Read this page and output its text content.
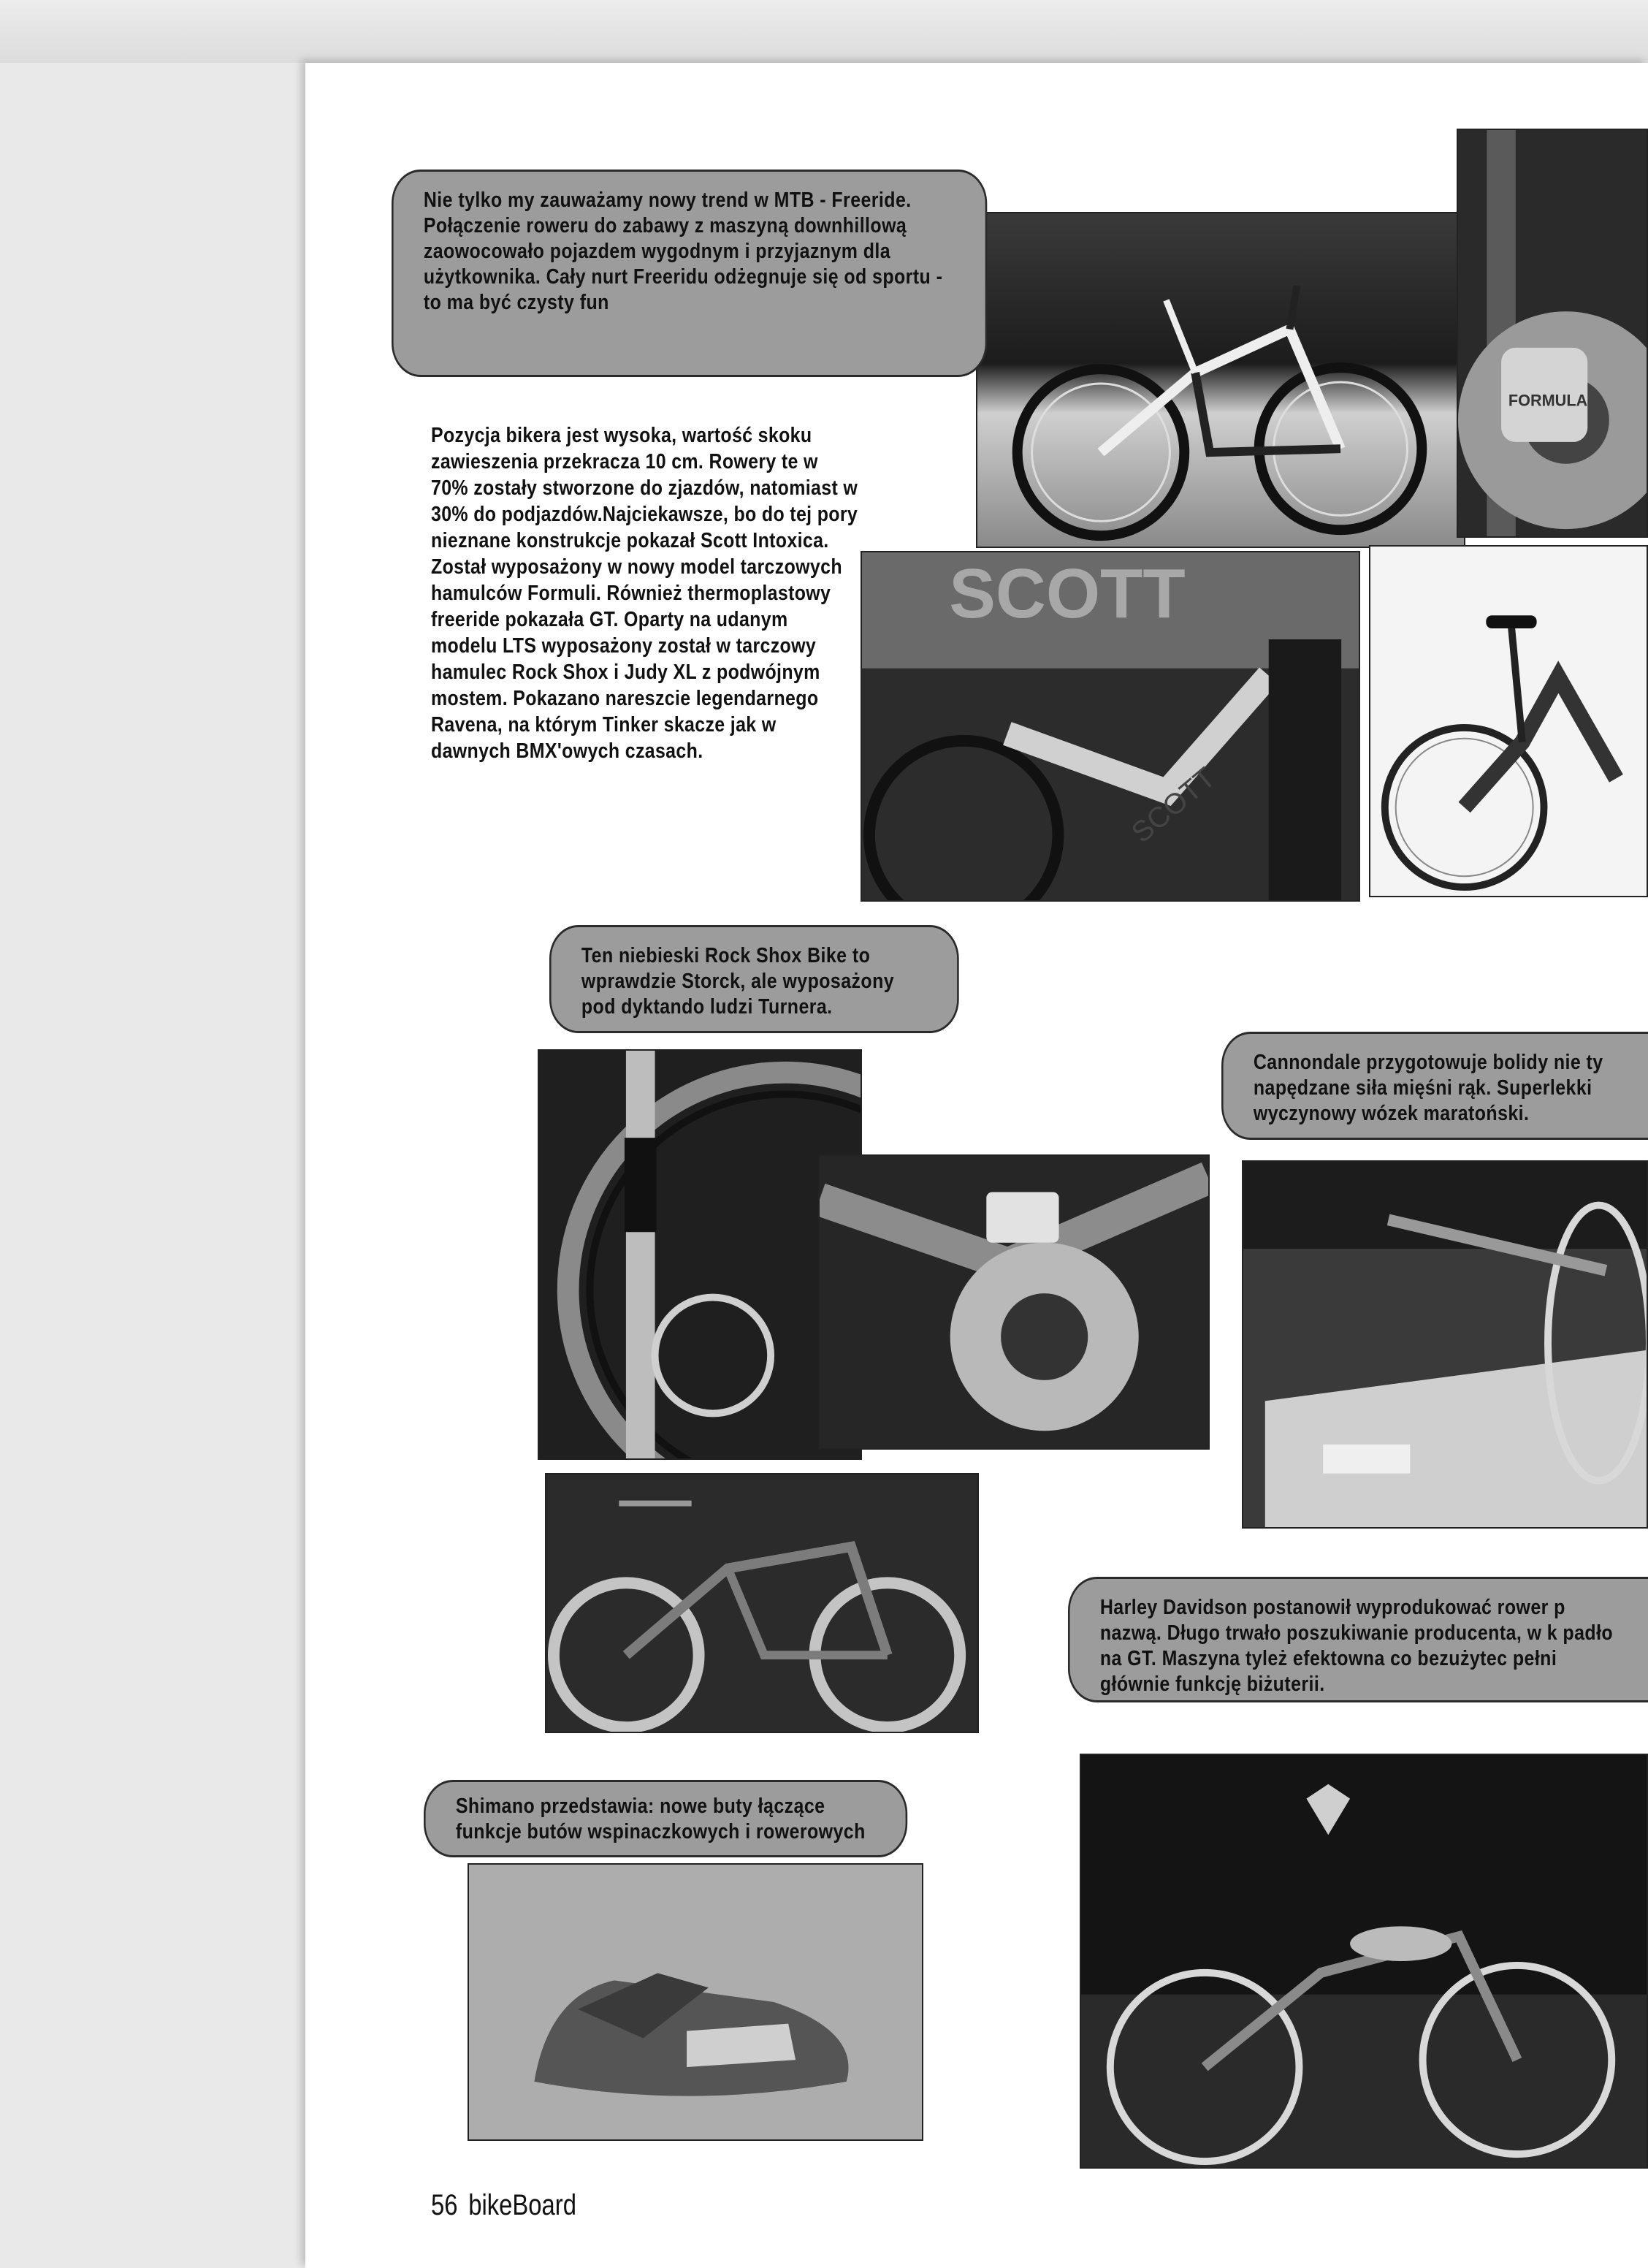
FORMULA
SCOTT
SCOTT
Nie tylko my zauważamy nowy trend w MTB - Freeride. Połączenie roweru do zabawy z maszyną downhillową zaowocowało pojazdem wygodnym i przyjaznym dla użytkownika. Cały nurt Freeridu odżegnuje się od sportu - to ma być czysty fun
Ten niebieski Rock Shox Bike to wprawdzie Storck, ale wyposażony pod dyktando ludzi Turnera.
Cannondale przygotowuje bolidy nie ty napędzane siła mięśni rąk. Superlekki wyczynowy wózek maratoński.
Harley Davidson postanowił wyprodukować rower p nazwą. Długo trwało poszukiwanie producenta, w k padło na GT. Maszyna tyleż efektowna co bezużytec pełni głównie funkcję biżuterii.
Shimano przedstawia: nowe buty łączące funkcje butów wspinaczkowych i rowerowych
Pozycja bikera jest wysoka, wartość skoku zawieszenia przekracza 10 cm. Rowery te w 70% zostały stworzone do zjazdów, natomiast w 30% do podjazdów.Najciekawsze, bo do tej pory nieznane konstrukcje pokazał Scott Intoxica. Został wyposażony w nowy model tarczowych hamulców Formuli. Również thermoplastowy freeride pokazała GT. Oparty na udanym modelu LTS wyposażony został w tarczowy hamulec Rock Shox i Judy XL z podwójnym mostem. Pokazano nareszcie legendarnego Ravena, na którym Tinker skacze jak w dawnych BMX'owych czasach.
56 bikeBoard
